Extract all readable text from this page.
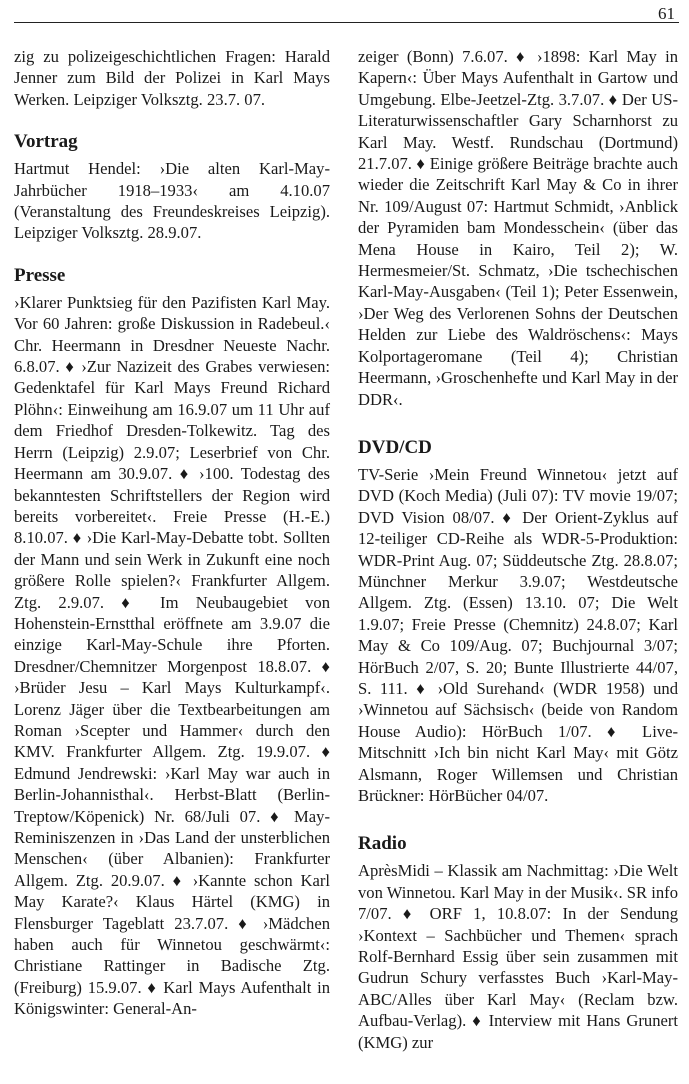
61

zig zu polizeigeschichtlichen Fragen: Harald Jenner zum Bild der Polizei in Karl Mays Werken. Leipziger Volksztg. 23.7. 07.

Vortrag

Hartmut Hendel: ›Die alten Karl-May-Jahrbücher 1918–1933‹ am 4.10.07 (Veranstaltung des Freundeskreises Leipzig). Leipziger Volksztg. 28.9.07.

Presse

›Klarer Punktsieg für den Pazifisten Karl May. Vor 60 Jahren: große Diskussion in Radebeul.‹ Chr. Heermann in Dresdner Neueste Nachr. 6.8.07. ♦ ›Zur Nazizeit des Grabes verwiesen: Gedenktafel für Karl Mays Freund Richard Plöhn‹: Einweihung am 16.9.07 um 11 Uhr auf dem Friedhof Dresden-Tolkewitz. Tag des Herrn (Leipzig) 2.9.07; Leserbrief von Chr. Heermann am 30.9.07. ♦ ›100. Todestag des bekanntesten Schriftstellers der Region wird bereits vorbereitet‹. Freie Presse (H.-E.) 8.10.07. ♦ ›Die Karl-May-Debatte tobt. Sollten der Mann und sein Werk in Zukunft eine noch größere Rolle spielen?‹ Frankfurter Allgem. Ztg. 2.9.07. ♦ Im Neubaugebiet von Hohenstein-Ernstthal eröffnete am 3.9.07 die einzige Karl-May-Schule ihre Pforten. Dresdner/Chemnitzer Morgenpost 18.8.07. ♦ ›Brüder Jesu – Karl Mays Kulturkampf‹. Lorenz Jäger über die Textbearbeitungen am Roman ›Scepter und Hammer‹ durch den KMV. Frankfurter Allgem. Ztg. 19.9.07. ♦ Edmund Jendrewski: ›Karl May war auch in Berlin-Johannisthal‹. Herbst-Blatt (Berlin-Treptow/Köpenick) Nr. 68/Juli 07. ♦ May-Reminiszenzen in ›Das Land der unsterblichen Menschen‹ (über Albanien): Frankfurter Allgem. Ztg. 20.9.07. ♦ ›Kannte schon Karl May Karate?‹ Klaus Härtel (KMG) in Flensburger Tageblatt 23.7.07. ♦ ›Mädchen haben auch für Winnetou geschwärmt‹: Christiane Rattinger in Badische Ztg. (Freiburg) 15.9.07. ♦ Karl Mays Aufenthalt in Königswinter: General-An-

zeiger (Bonn) 7.6.07. ♦ ›1898: Karl May in Kapern‹: Über Mays Aufenthalt in Gartow und Umgebung. Elbe-Jeetzel-Ztg. 3.7.07. ♦ Der US-Literaturwissenschaftler Gary Scharnhorst zu Karl May. Westf. Rundschau (Dortmund) 21.7.07. ♦ Einige größere Beiträge brachte auch wieder die Zeitschrift Karl May & Co in ihrer Nr. 109/August 07: Hartmut Schmidt, ›Anblick der Pyramiden bam Mondesschein‹ (über das Mena House in Kairo, Teil 2); W. Hermesmeier/St. Schmatz, ›Die tschechischen Karl-May-Ausgaben‹ (Teil 1); Peter Essenwein, ›Der Weg des Verlorenen Sohns der Deutschen Helden zur Liebe des Waldröschens‹: Mays Kolportageromane (Teil 4); Christian Heermann, ›Groschenhefte und Karl May in der DDR‹.

DVD/CD

TV-Serie ›Mein Freund Winnetou‹ jetzt auf DVD (Koch Media) (Juli 07): TV movie 19/07; DVD Vision 08/07. ♦ Der Orient-Zyklus auf 12-teiliger CD-Reihe als WDR-5-Produktion: WDR-Print Aug. 07; Süddeutsche Ztg. 28.8.07; Münchner Merkur 3.9.07; Westdeutsche Allgem. Ztg. (Essen) 13.10. 07; Die Welt 1.9.07; Freie Presse (Chemnitz) 24.8.07; Karl May & Co 109/Aug. 07; Buchjournal 3/07; HörBuch 2/07, S. 20; Bunte Illustrierte 44/07, S. 111. ♦ ›Old Surehand‹ (WDR 1958) und ›Winnetou auf Sächsisch‹ (beide von Random House Audio): HörBuch 1/07. ♦ Live-Mitschnitt ›Ich bin nicht Karl May‹ mit Götz Alsmann, Roger Willemsen und Christian Brückner: HörBücher 04/07.

Radio

AprèsMidi – Klassik am Nachmittag: ›Die Welt von Winnetou. Karl May in der Musik‹. SR info 7/07. ♦ ORF 1, 10.8.07: In der Sendung ›Kontext – Sachbücher und Themen‹ sprach Rolf-Bernhard Essig über sein zusammen mit Gudrun Schury verfasstes Buch ›Karl-May-ABC/Alles über Karl May‹ (Reclam bzw. Aufbau-Verlag). ♦ Interview mit Hans Grunert (KMG) zur
